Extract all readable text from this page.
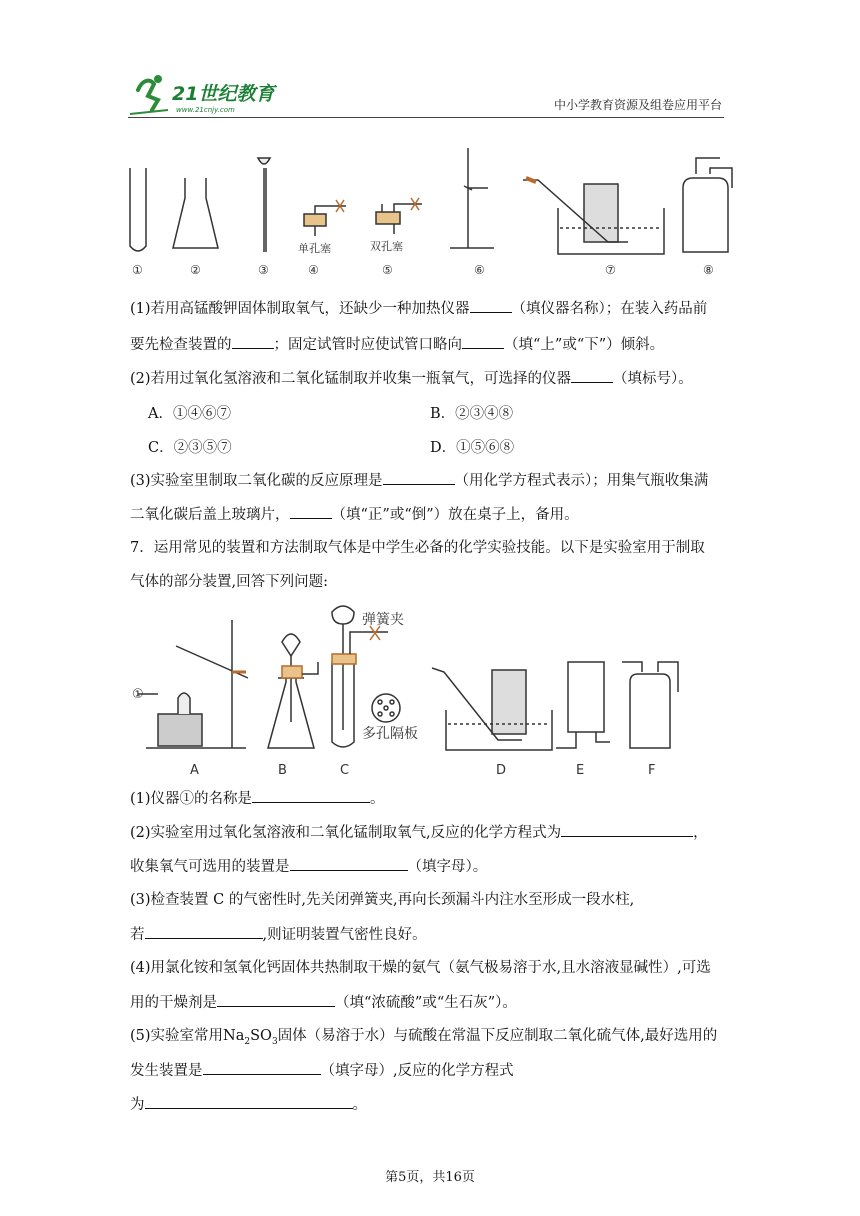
21世纪教育
www.21cnjy.com	中小学教育资源及组卷应用平台
①	②	③	④	⑤	⑥	⑦	⑧
单孔塞	双孔塞
(1)若用高锰酸钾固体制取氧气，还缺少一种加热仪器	（填仪器名称）；在装入药品前
要先检查装置的	；固定试管时应使试管口略向	（填“上”或“下”）倾斜。
(2)若用过氧化氢溶液和二氧化锰制取并收集一瓶氧气，可选择的仪器	（填标号）。
A．①④⑥⑦	B．②③④⑧
C．②③⑤⑦	D．①⑤⑥⑧
(3)实验室里制取二氧化碳的反应原理是	（用化学方程式表示）；用集气瓶收集满
二氧化碳后盖上玻璃片，	（填“正”或“倒”）放在桌子上，备用。
7．运用常见的装置和方法制取气体是中学生必备的化学实验技能。以下是实验室用于制取
气体的部分装置,回答下列问题:
①
弹簧夹
多孔隔板
A	B	C	D	E	F
(1)仪器①的名称是	。
(2)实验室用过氧化氢溶液和二氧化锰制取氧气,反应的化学方程式为	，
收集氧气可选用的装置是	（填字母）。
(3)检查装置 C 的气密性时,先关闭弹簧夹,再向长颈漏斗内注水至形成一段水柱,
若	,则证明装置气密性良好。
(4)用氯化铵和氢氧化钙固体共热制取干燥的氨气（氨气极易溶于水,且水溶液显碱性）,可选
用的干燥剂是	（填“浓硫酸”或“生石灰”）。
(5)实验室常用$Na_2SO_3$固体（易溶于水）与硫酸在常温下反应制取二氧化硫气体,最好选用的
发生装置是	（填字母）,反应的化学方程式
为	。
第5页，共16页
